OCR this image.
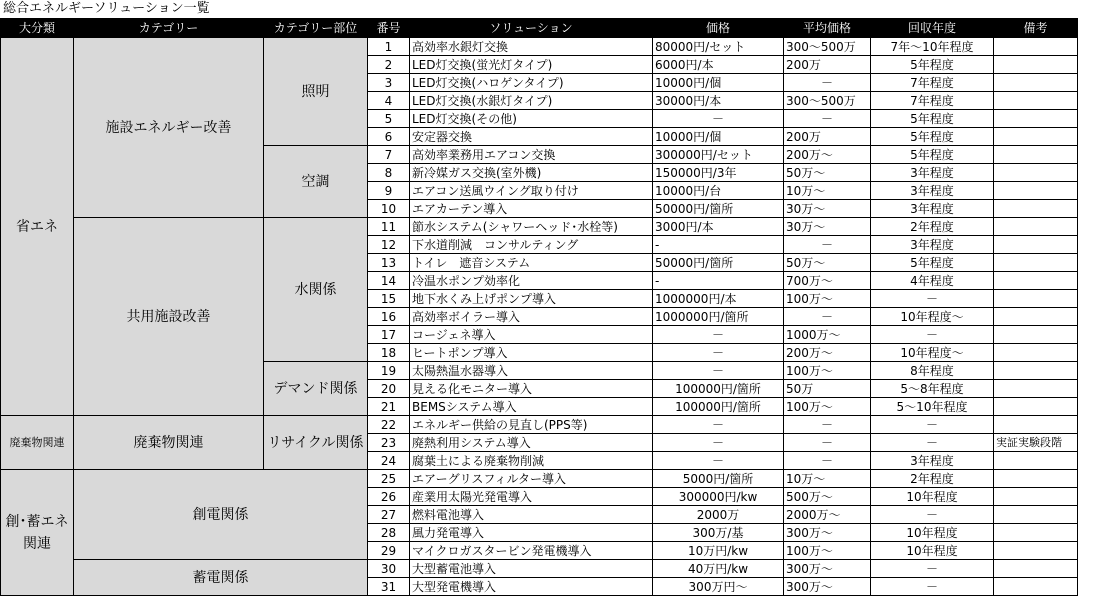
総合エネルギーソリューション一覧
大分類	カテゴリー	カテゴリー部位	番号	ソリューション	価格	平均価格	回収年度	備考
省エネ	施設エネルギー改善	照明	1	高効率水銀灯交換	80000円/セット	300～500万	7年～10年程度	
			2	LED灯交換(蛍光灯タイプ)	6000円/本	200万	5年程度	
			3	LED灯交換(ハロゲンタイプ)	10000円/個	－	7年程度	
			4	LED灯交換(水銀灯タイプ)	30000円/本	300～500万	7年程度	
			5	LED灯交換(その他)	－	－	5年程度	
			6	安定器交換	10000円/個	200万	5年程度	
		空調	7	高効率業務用エアコン交換	300000円/セット	200万～	5年程度	
			8	新冷媒ガス交換(室外機)	150000円/3年	50万～	3年程度	
			9	エアコン送風ウイング取り付け	10000円/台	10万～	3年程度	
			10	エアカーテン導入	50000円/箇所	30万～	3年程度	
	共用施設改善	水関係	11	節水システム(シャワーヘッド･水栓等)	3000円/本	30万～	2年程度	
			12	下水道削減　コンサルティング	-	－	3年程度	
			13	トイレ　遮音システム	50000円/箇所	50万～	5年程度	
			14	冷温水ポンプ効率化	-	700万～	4年程度	
			15	地下水くみ上げポンプ導入	1000000円/本	100万～	－	
			16	高効率ボイラー導入	1000000円/箇所	－	10年程度～	
			17	コージェネ導入	－	1000万～	－	
			18	ヒートポンプ導入	－	200万～	10年程度～	
		デマンド関係	19	太陽熱温水器導入	－	100万～	8年程度	
			20	見える化モニター導入	100000円/箇所	50万	5～8年程度	
			21	BEMSシステム導入	100000円/箇所	100万～	5～10年程度	
廃棄物関連	廃棄物関連	リサイクル関係	22	エネルギー供給の見直し(PPS等)	－	－	－	
			23	廃熱利用システム導入	－	－	－	実証実験段階
			24	腐葉土による廃棄物削減	－	－	3年程度	
創･蓄エネ関連	創電関係		25	エアーグリスフィルター導入	5000円/箇所	10万～	2年程度	
			26	産業用太陽光発電導入	300000円/kw	500万～	10年程度	
			27	燃料電池導入	2000万	2000万～	－	
			28	風力発電導入	300万/基	300万～	10年程度	
			29	マイクロガスタービン発電機導入	10万円/kw	100万～	10年程度	
	蓄電関係		30	大型蓄電池導入	40万円/kw	300万～	－	
			31	大型発電機導入	300万円～	300万～	－	
